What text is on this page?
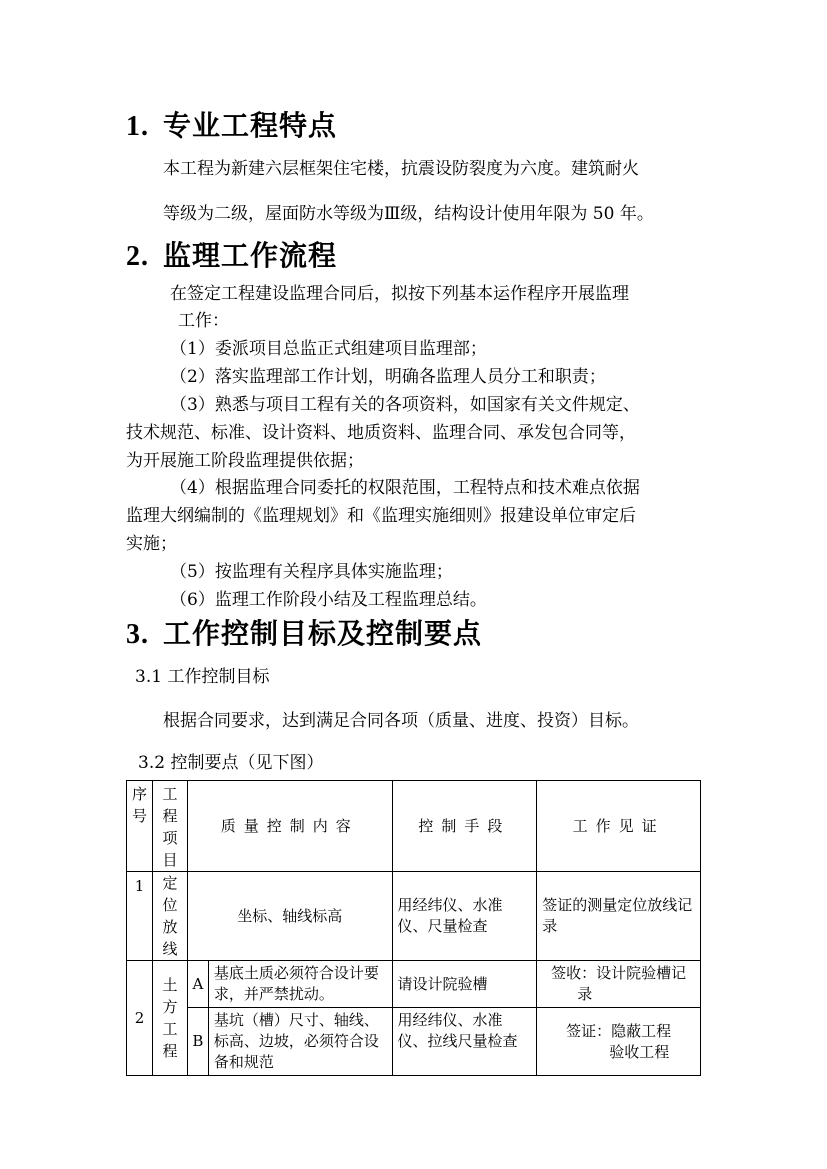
1. 专业工程特点
本工程为新建六层框架住宅楼，抗震设防裂度为六度。建筑耐火
等级为二级，屋面防水等级为Ⅲ级，结构设计使用年限为 50 年。
2. 监理工作流程
在签定工程建设监理合同后，拟按下列基本运作程序开展监理
工作：
（1）委派项目总监正式组建项目监理部；
（2）落实监理部工作计划，明确各监理人员分工和职责；
（3）熟悉与项目工程有关的各项资料，如国家有关文件规定、
技术规范、标准、设计资料、地质资料、监理合同、承发包合同等，
为开展施工阶段监理提供依据；
（4）根据监理合同委托的权限范围，工程特点和技术难点依据
监理大纲编制的《监理规划》和《监理实施细则》报建设单位审定后
实施；
（5）按监理有关程序具体实施监理；
（6）监理工作阶段小结及工程监理总结。
3. 工作控制目标及控制要点
3.1 工作控制目标
根据合同要求，达到满足合同各项（质量、进度、投资）目标。
3.2 控制要点（见下图）
序号	工程项目	质量控制内容		控制手段	工作见证
1	定位放线	坐标、轴线标高		用经纬仪、水准仪、尺量检查	签证的测量定位放线记录

2	土方工程	A	基底土质必须符合设计要求，并严禁扰动。	请设计院验槽	签收：设计院验槽记
录

		B	基坑（槽）尺寸、轴线、标高、边坡，必须符合设备和规范	用经纬仪、水准仪、拉线尺量检查	签证：隐蔽工程
验收工程
